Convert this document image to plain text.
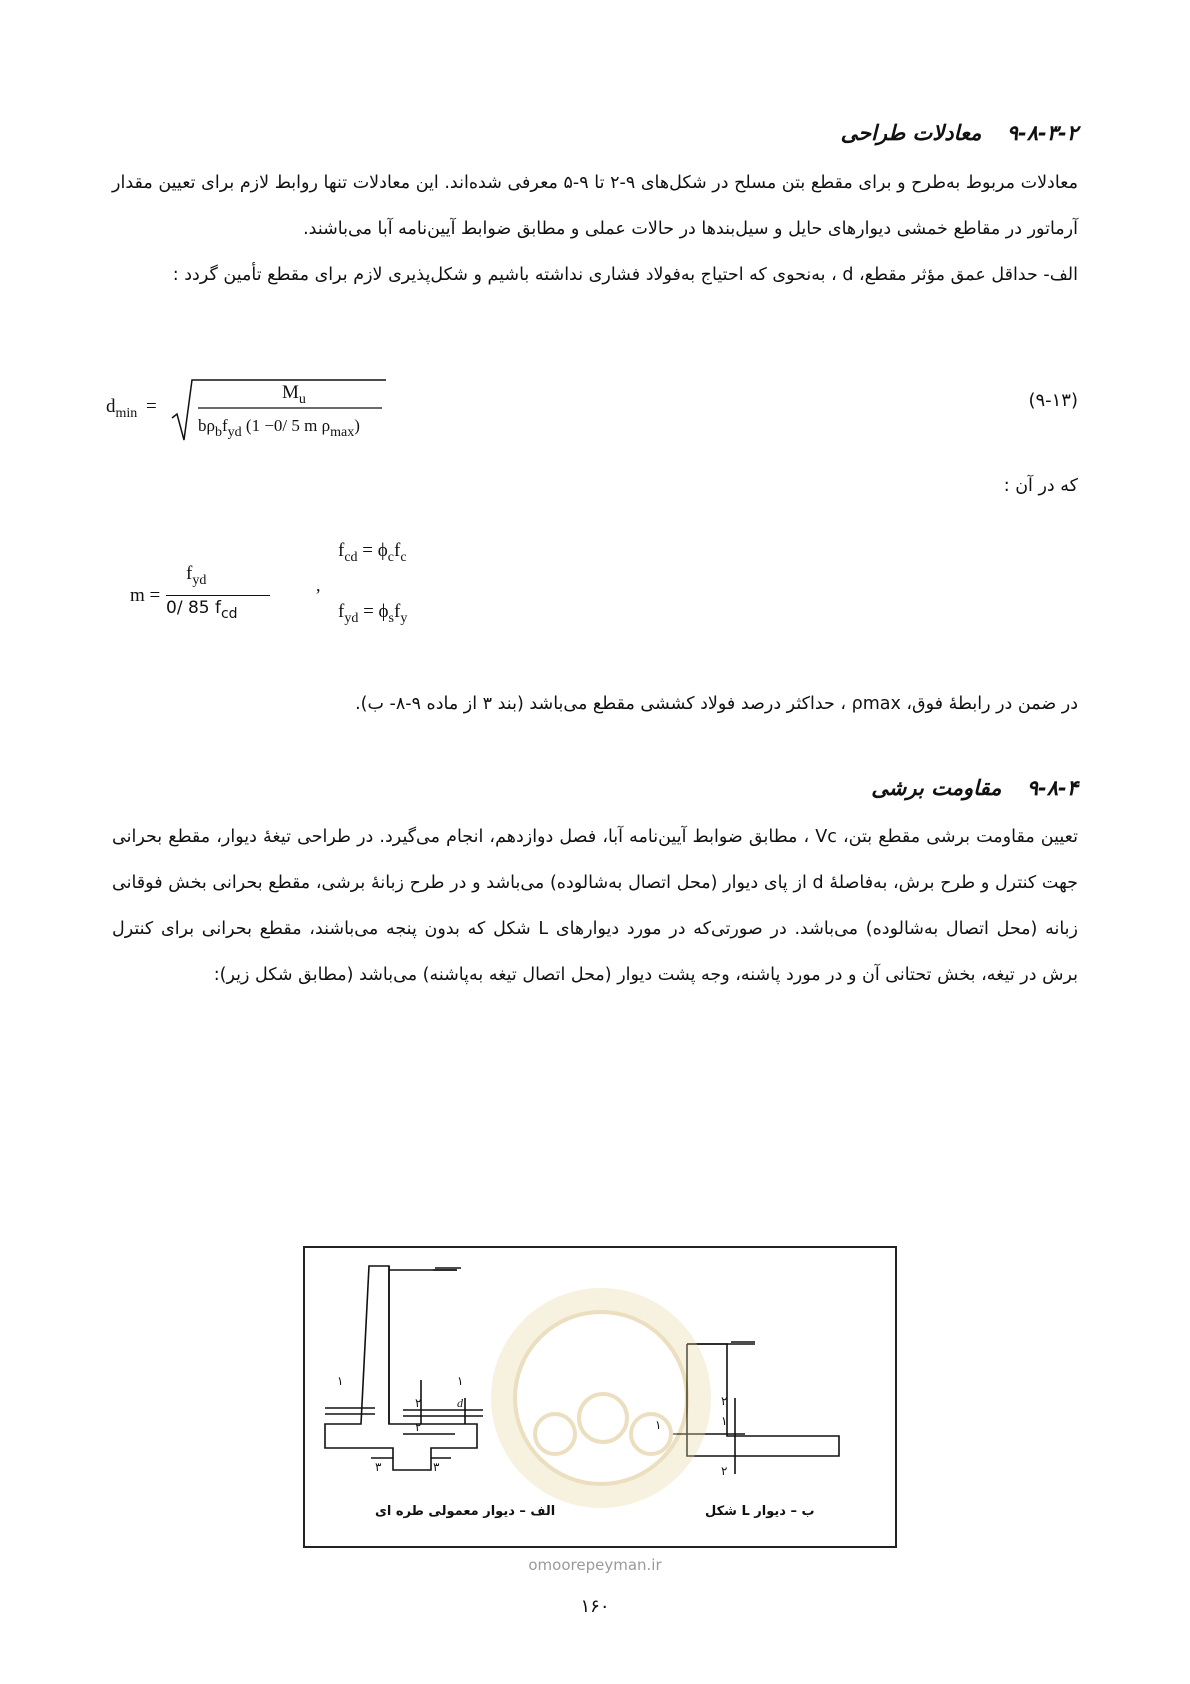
۹-۸-۳-۲ معادلات طراحی

معادلات مربوط به‌طرح و برای مقطع بتن مسلح در شکل‌های ۹-۲ تا ۹-۵ معرفی شده‌اند. این معادلات تنها روابط لازم برای تعیین مقدار آرماتور در مقاطع خمشی دیوارهای حایل و سیل‌بندها در حالات عملی و مطابق ضوابط آیین‌نامه آبا می‌باشند.

الف- حداقل عمق مؤثر مقطع، d ، به‌نحوی که احتیاج به‌فولاد فشاری نداشته باشیم و شکل‌پذیری لازم برای مقطع تأمین گردد :

$d_{min}$ =
$M_u$
$b\rho_bf_{yd}$ (1 −0/ 5 m $\rho_{max}$)
(۹-۱۳)
که در آن :
m =
$f_{yd}$
0/ 85 $f_{cd}$
,
$f_{cd} = \phi_cf_c$
$f_{yd} = \phi_sf_y$
در ضمن در رابطهٔ فوق، ρmax ، حداکثر درصد فولاد کششی مقطع می‌باشد (بند ۳ از ماده ۹-۸- ب).
۹-۸-۴ مقاومت برشی

تعیین مقاومت برشی مقطع بتن، Vc ، مطابق ضوابط آیین‌نامه آبا، فصل دوازدهم، انجام می‌گیرد. در طراحی تیغهٔ دیوار، مقطع بحرانی جهت کنترل و طرح برش، به‌فاصلهٔ d از پای دیوار (محل اتصال به‌شالوده) می‌باشد و در طرح زبانهٔ برشی، مقطع بحرانی بخش فوقانی زبانه (محل اتصال به‌شالوده) می‌باشد. در صورتی‌که در مورد دیوارهای L شکل که بدون پنجه می‌باشند، مقطع بحرانی برای کنترل برش در تیغه، بخش تحتانی آن و در مورد پاشنه، وجه پشت دیوار (محل اتصال تیغه به‌پاشنه) می‌باشد (مطابق شکل زیر):

۱	۱
۲
۲
d
۳	۳
۲
۱
۱
۲
الف – دیوار معمولی طره ای	ب – دیوار L شکل
omoorepeyman.ir
۱۶۰
